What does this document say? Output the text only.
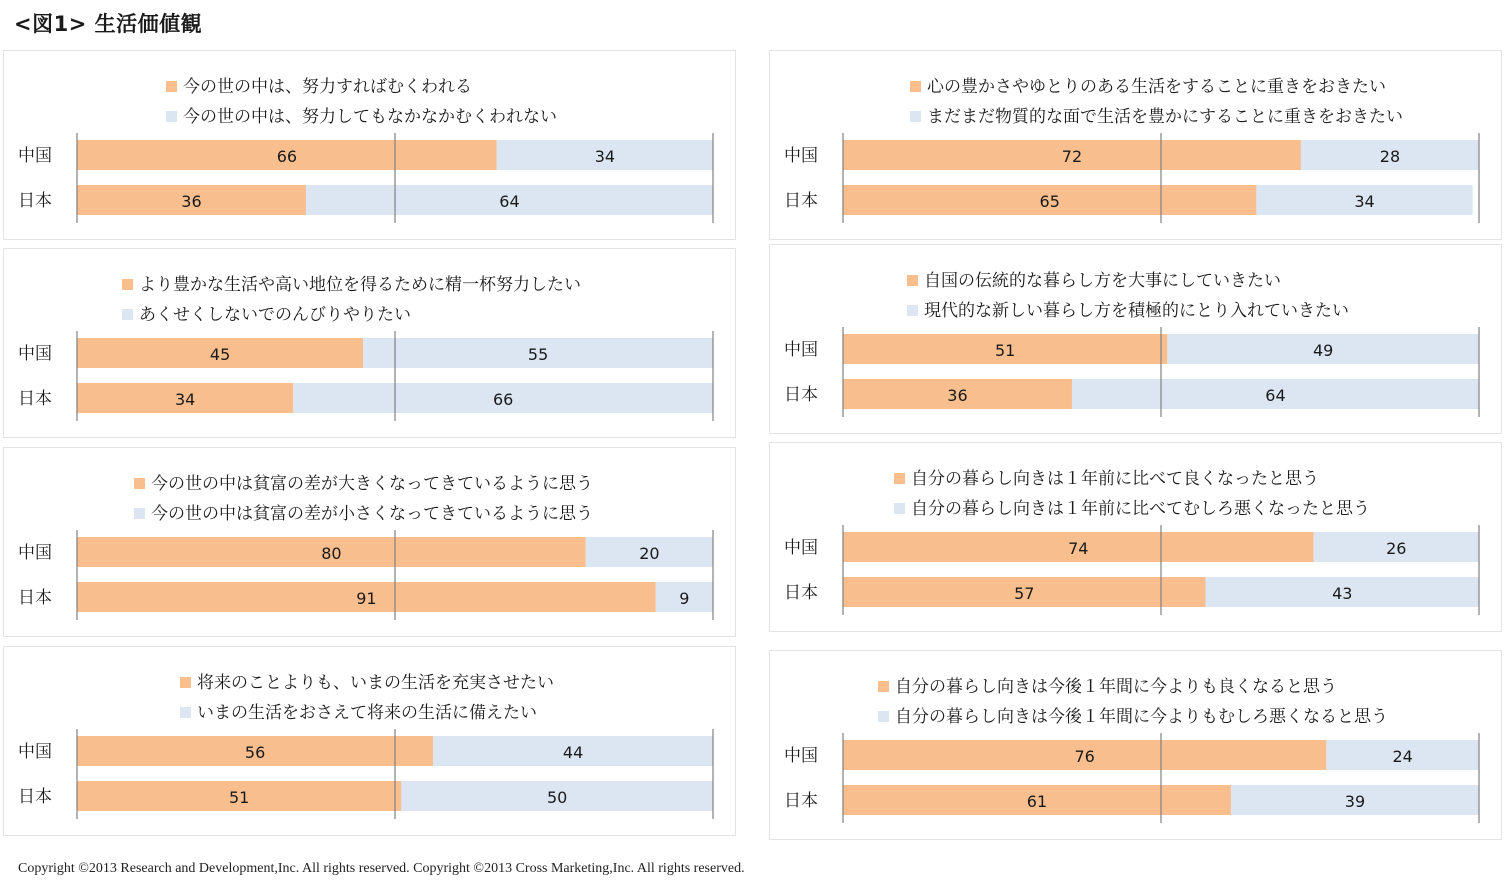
<図1> 生活価値観
今の世の中は、努力すればむくわれる
今の世の中は、努力してもなかなかむくわれない
中国	66	34
日本	36	64
より豊かな生活や高い地位を得るために精一杯努力したい
あくせくしないでのんびりやりたい
中国	45	55
日本	34	66
今の世の中は貧富の差が大きくなってきているように思う
今の世の中は貧富の差が小さくなってきているように思う
中国	80	20
日本	91	9
将来のことよりも、いまの生活を充実させたい
いまの生活をおさえて将来の生活に備えたい
中国	56	44
日本	51	50
心の豊かさやゆとりのある生活をすることに重きをおきたい
まだまだ物質的な面で生活を豊かにすることに重きをおきたい
中国	72	28
日本	65	34
自国の伝統的な暮らし方を大事にしていきたい
現代的な新しい暮らし方を積極的にとり入れていきたい
中国	51	49
日本	36	64
自分の暮らし向きは１年前に比べて良くなったと思う
自分の暮らし向きは１年前に比べてむしろ悪くなったと思う
中国	74	26
日本	57	43
自分の暮らし向きは今後１年間に今よりも良くなると思う
自分の暮らし向きは今後１年間に今よりもむしろ悪くなると思う
中国	76	24
日本	61	39
Copyright ©2013 Research and Development,Inc. All rights reserved. Copyright ©2013 Cross Marketing,Inc. All rights reserved.
